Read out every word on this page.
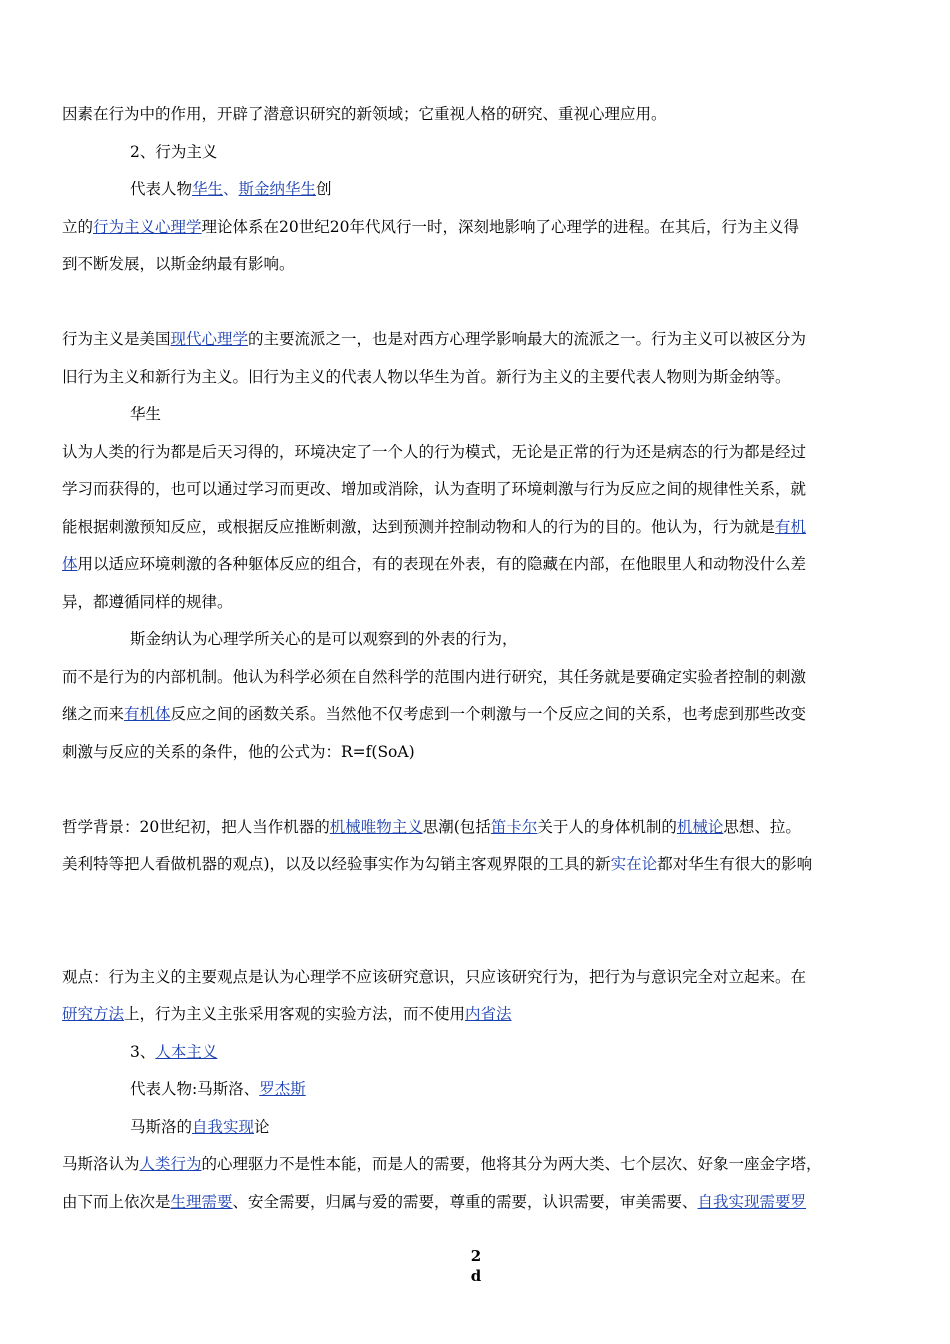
因素在行为中的作用，开辟了潜意识研究的新领域；它重视人格的研究、重视心理应用。
2、行为主义
代表人物华生、斯金纳华生创
立的行为主义心理学理论体系在20世纪20年代风行一时，深刻地影响了心理学的进程。在其后，行为主义得
到不断发展，以斯金纳最有影响。
行为主义是美国现代心理学的主要流派之一，也是对西方心理学影响最大的流派之一。行为主义可以被区分为
旧行为主义和新行为主义。旧行为主义的代表人物以华生为首。新行为主义的主要代表人物则为斯金纳等。
华生
认为人类的行为都是后天习得的，环境决定了一个人的行为模式，无论是正常的行为还是病态的行为都是经过
学习而获得的，也可以通过学习而更改、增加或消除，认为查明了环境刺激与行为反应之间的规律性关系，就
能根据刺激预知反应，或根据反应推断刺激，达到预测并控制动物和人的行为的目的。他认为，行为就是有机
体用以适应环境刺激的各种躯体反应的组合，有的表现在外表，有的隐藏在内部，在他眼里人和动物没什么差
异，都遵循同样的规律。
斯金纳认为心理学所关心的是可以观察到的外表的行为，
而不是行为的内部机制。他认为科学必须在自然科学的范围内进行研究，其任务就是要确定实验者控制的刺激
继之而来有机体反应之间的函数关系。当然他不仅考虑到一个刺激与一个反应之间的关系，也考虑到那些改变
刺激与反应的关系的条件，他的公式为：R=f(SoA)
哲学背景：20世纪初，把人当作机器的机械唯物主义思潮(包括笛卡尔关于人的身体机制的机械论思想、拉。
美利特等把人看做机器的观点)，以及以经验事实作为勾销主客观界限的工具的新实在论都对华生有很大的影响
观点：行为主义的主要观点是认为心理学不应该研究意识，只应该研究行为，把行为与意识完全对立起来。在
研究方法上，行为主义主张采用客观的实验方法，而不使用内省法
3、人本主义
代表人物:马斯洛、罗杰斯
马斯洛的自我实现论
马斯洛认为人类行为的心理驱力不是性本能，而是人的需要，他将其分为两大类、七个层次、好象一座金字塔，
由下而上依次是生理需要、安全需要，归属与爱的需要，尊重的需要，认识需要，审美需要、自我实现需要罗
2
d
